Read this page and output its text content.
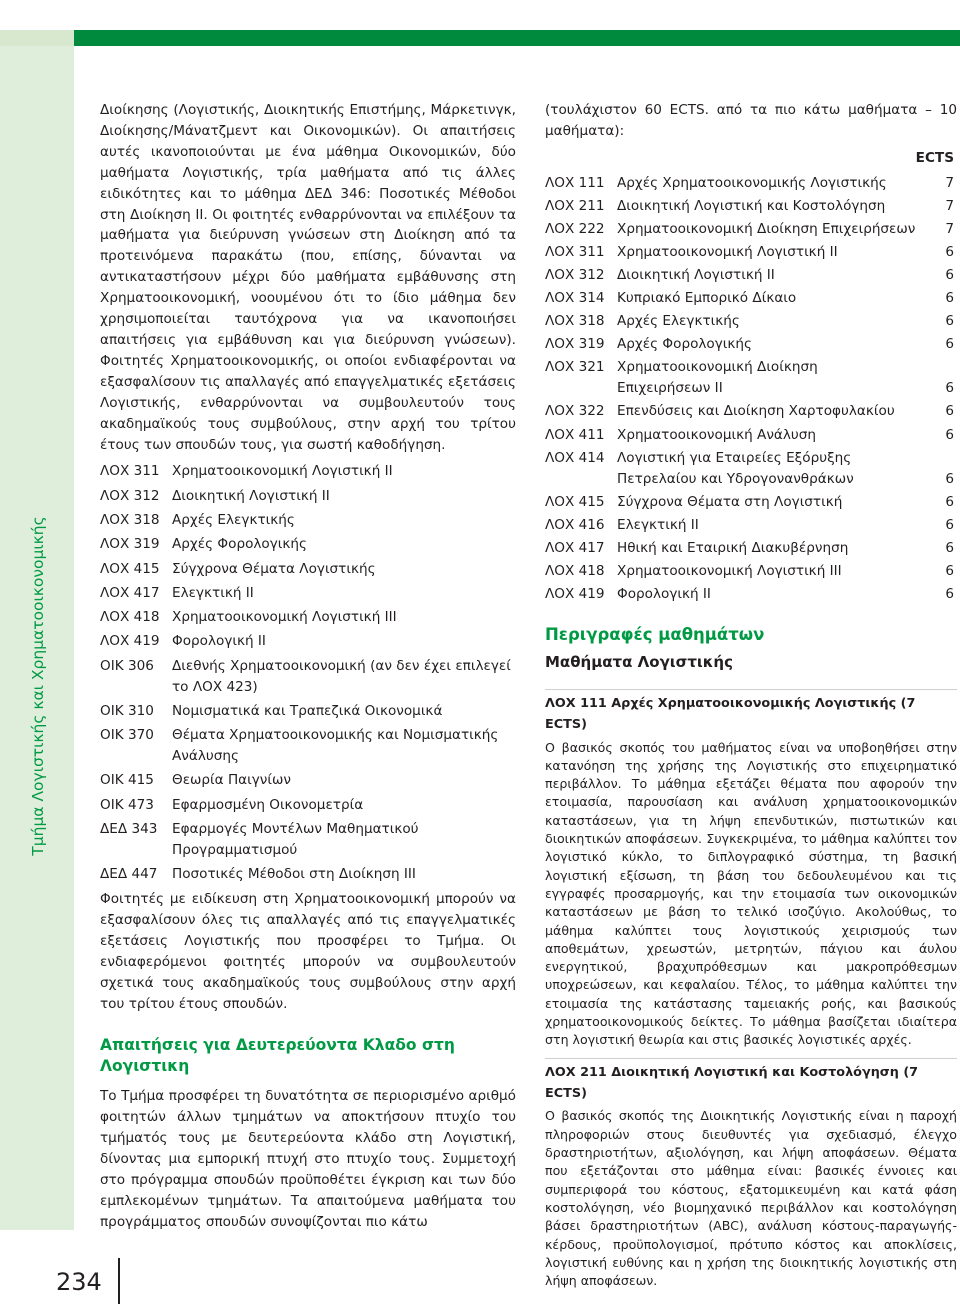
Τμήμα Λογιστικής και Χρηματοοικονομικής
234

Διοίκησης (Λογιστικής, Διοικητικής Επιστήμης, Μάρκετινγκ, Διοίκησης/Μάνατζμεντ και Οικονομικών). Οι απαιτήσεις αυτές ικανοποιούνται με ένα μάθημα Οικονομικών, δύο μαθήματα Λογιστικής, τρία μαθήματα από τις άλλες ειδικότητες και το μάθημα ΔΕΔ 346: Ποσοτικές Μέθοδοι στη Διοίκηση ΙΙ. Οι φοιτητές ενθαρρύνονται να επιλέξουν τα μαθήματα για διεύρυνση γνώσεων στη Διοίκηση από τα προτεινόμενα παρακάτω (που, επίσης, δύνανται να αντικαταστήσουν μέχρι δύο μαθήματα εμβάθυνσης στη Χρηματοοικονομική, νοουμένου ότι το ίδιο μάθημα δεν χρησιμοποιείται ταυτόχρονα για να ικανοποιήσει απαιτήσεις για εμβάθυνση και για διεύρυνση γνώσεων). Φοιτητές Χρηματοοικονομικής, οι οποίοι ενδιαφέρονται να εξασφαλίσουν τις απαλλαγές από επαγγελματικές εξετάσεις Λογιστικής, ενθαρρύνονται να συμβουλευτούν τους ακαδημαϊκούς τους συμβούλους, στην αρχή του τρίτου έτους των σπουδών τους, για σωστή καθοδήγηση.

ΛΟΧ 311 Χρηματοοικονομική Λογιστική ΙΙ
ΛΟΧ 312 Διοικητική Λογιστική ΙΙ
ΛΟΧ 318 Αρχές Ελεγκτικής
ΛΟΧ 319 Αρχές Φορολογικής
ΛΟΧ 415 Σύγχρονα Θέματα Λογιστικής
ΛΟΧ 417 Ελεγκτική ΙΙ
ΛΟΧ 418 Χρηματοοικονομική Λογιστική ΙΙΙ
ΛΟΧ 419 Φορολογική ΙΙ
ΟΙΚ 306	Διεθνής Χρηματοοικονομική (αν δεν έχει επιλεγεί το ΛΟΧ 423)
ΟΙΚ 310	Νομισματικά και Τραπεζικά Οικονομικά
ΟΙΚ 370	Θέματα Χρηματοοικονομικής και Νομισματικής Ανάλυσης
ΟΙΚ 415	Θεωρία Παιγνίων
ΟΙΚ 473	Εφαρμοσμένη Οικονομετρία
ΔΕΔ 343	Εφαρμογές Μοντέλων Μαθηματικού Προγραμματισμού
ΔΕΔ 447	Ποσοτικές Μέθοδοι στη Διοίκηση ΙΙΙ

Φοιτητές με ειδίκευση στη Χρηματοοικονομική μπορούν να εξασφαλίσουν όλες τις απαλλαγές από τις επαγγελματικές εξετάσεις Λογιστικής που προσφέρει το Τμήμα. Οι ενδιαφερόμενοι φοιτητές μπορούν να συμβουλευτούν σχετικά τους ακαδημαϊκούς τους συμβούλους στην αρχή του τρίτου έτους σπουδών.

Απαιτήσεις για Δευτερεύοντα Κλαδο στη Λογιστικη

Το Τμήμα προσφέρει τη δυνατότητα σε περιορισμένο αριθμό φοιτητών άλλων τμημάτων να αποκτήσουν πτυχίο του τμήματός τους με δευτερεύοντα κλάδο στη Λογιστική, δίνοντας μια εμπορική πτυχή στο πτυχίο τους. Συμμετοχή στο πρόγραμμα σπουδών προϋποθέτει έγκριση και των δύο εμπλεκομένων τμημάτων. Τα απαιτούμενα μαθήματα του προγράμματος σπουδών συνοψίζονται πιο κάτω

(τουλάχιστον 60 ECTS. από τα πιο κάτω μαθήματα – 10 μαθήματα):

ECTS
ΛΟΧ 111 Αρχές Χρηματοοικονομικής Λογιστικής	7
ΛΟΧ 211 Διοικητική Λογιστική και Κοστολόγηση	7
ΛΟΧ 222 Χρηματοοικονομική Διοίκηση Επιχειρήσεων	7
ΛΟΧ 311 Χρηματοοικονομική Λογιστική ΙΙ	6
ΛΟΧ 312 Διοικητική Λογιστική ΙΙ	6
ΛΟΧ 314 Κυπριακό Εμπορικό Δίκαιο	6
ΛΟΧ 318 Αρχές Ελεγκτικής	6
ΛΟΧ 319 Αρχές Φορολογικής	6
ΛΟΧ 321 Χρηματοοικονομική Διοίκηση Επιχειρήσεων ΙΙ	6
ΛΟΧ 322 Επενδύσεις και Διοίκηση Χαρτοφυλακίου	6
ΛΟΧ 411 Χρηματοοικονομική Ανάλυση	6
ΛΟΧ 414 Λογιστική για Εταιρείες Εξόρυξης Πετρελαίου και Υδρογονανθράκων	6
ΛΟΧ 415 Σύγχρονα Θέματα στη Λογιστική	6
ΛΟΧ 416 Ελεγκτική ΙΙ	6
ΛΟΧ 417 Ηθική και Εταιρική Διακυβέρνηση	6
ΛΟΧ 418 Χρηματοοικονομική Λογιστική ΙΙΙ	6
ΛΟΧ 419 Φορολογική ΙΙ	6
Περιγραφές μαθημάτων
Μαθήματα Λογιστικής
ΛΟΧ 111 Αρχές Χρηματοοικονομικής Λογιστικής (7 ECTS)

Ο βασικός σκοπός του μαθήματος είναι να υποβοηθήσει στην κατανόηση της χρήσης της Λογιστικής στο επιχειρηματικό περιβάλλον. Το μάθημα εξετάζει θέματα που αφορούν την ετοιμασία, παρουσίαση και ανάλυση χρηματοοικονομικών καταστάσεων, για τη λήψη επενδυτικών, πιστωτικών και διοικητικών αποφάσεων. Συγκεκριμένα, το μάθημα καλύπτει τον λογιστικό κύκλο, το διπλογραφικό σύστημα, τη βασική λογιστική εξίσωση, τη βάση του δεδουλευμένου και τις εγγραφές προσαρμογής, και την ετοιμασία των οικονομικών καταστάσεων με βάση το τελικό ισοζύγιο. Ακολούθως, το μάθημα καλύπτει τους λογιστικούς χειρισμούς των αποθεμάτων, χρεωστών, μετρητών, πάγιου και άυλου ενεργητικού, βραχυπρόθεσμων και μακροπρόθεσμων υποχρεώσεων, και κεφαλαίου. Τέλος, το μάθημα καλύπτει την ετοιμασία της κατάστασης ταμειακής ροής, και βασικούς χρηματοοικονομικούς δείκτες. Το μάθημα βασίζεται ιδιαίτερα στη λογιστική θεωρία και στις βασικές λογιστικές αρχές.

ΛΟΧ 211 Διοικητική Λογιστική και Κοστολόγηση (7 ECTS)

Ο βασικός σκοπός της Διοικητικής Λογιστικής είναι η παροχή πληροφοριών στους διευθυντές για σχεδιασμό, έλεγχο δραστηριοτήτων, αξιολόγηση, και λήψη αποφάσεων. Θέματα που εξετάζονται στο μάθημα είναι: βασικές έννοιες και συμπεριφορά του κόστους, εξατομικευμένη και κατά φάση κοστολόγηση, νέο βιομηχανικό περιβάλλον και κοστολόγηση βάσει δραστηριοτήτων (ABC), ανάλυση κόστους-παραγωγής-κέρδους, προϋπολογισμοί, πρότυπο κόστος και αποκλίσεις, λογιστική ευθύνης και η χρήση της διοικητικής λογιστικής στη λήψη αποφάσεων.
